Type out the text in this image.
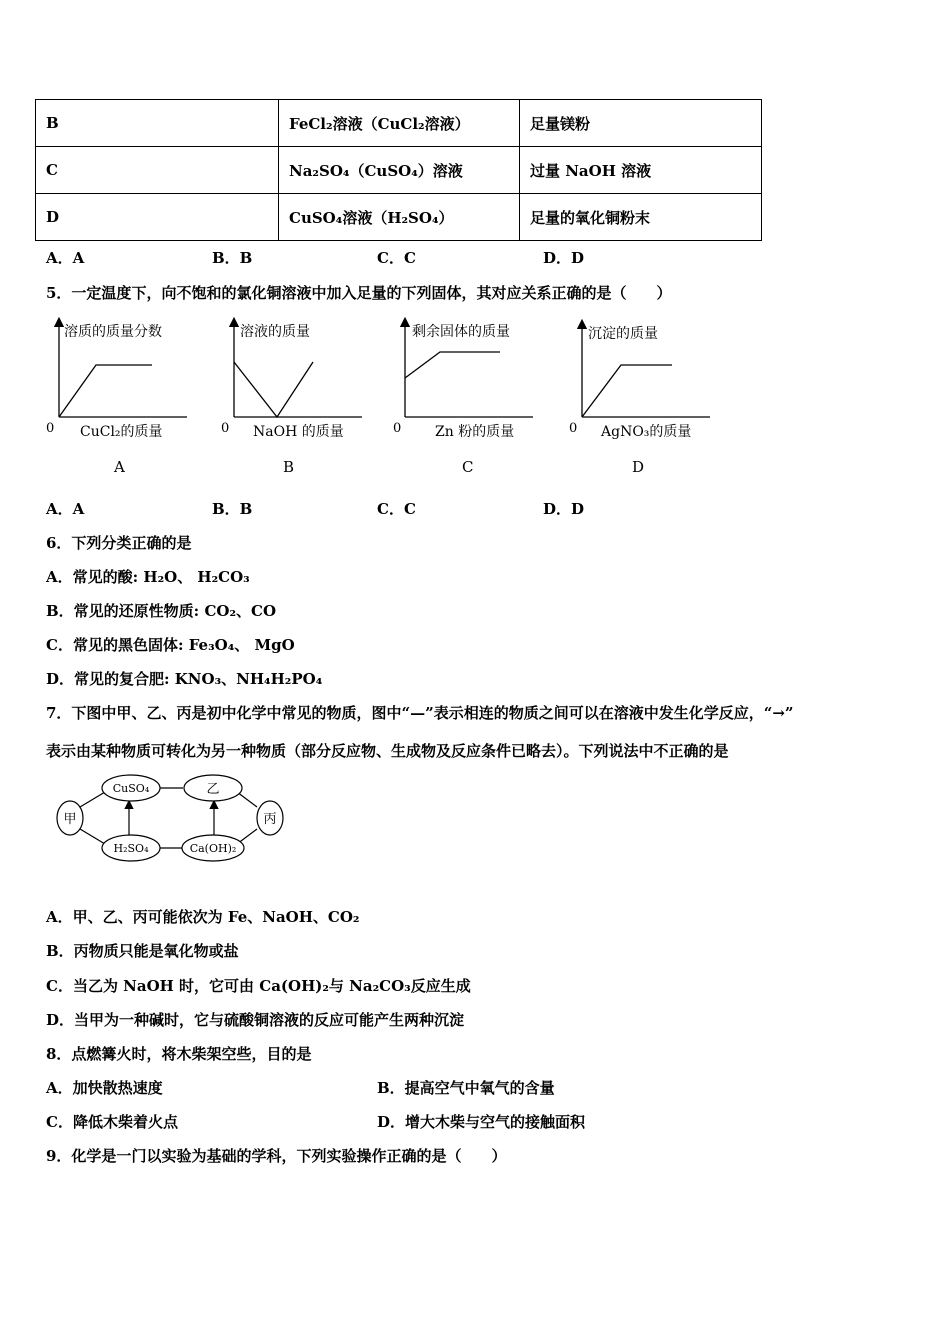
B	FeCl₂溶液（CuCl₂溶液）	足量镁粉
C	Na₂SO₄（CuSO₄）溶液	过量 NaOH 溶液
D	CuSO₄溶液（H₂SO₄）	足量的氧化铜粉末
A．A	B．B	C．C	D．D
5．一定温度下，向不饱和的氯化铜溶液中加入足量的下列固体，其对应关系正确的是（　　）
溶质的质量分数
0 CuCl₂的质量
A
溶液的质量
0 NaOH 的质量
B
剩余固体的质量
0 Zn 粉的质量
C
沉淀的质量
0 AgNO₃的质量
D
A．A	B．B	C．C	D．D
6．下列分类正确的是
A．常见的酸: H₂O、 H₂CO₃
B．常见的还原性物质: CO₂、CO
C．常见的黑色固体: Fe₃O₄、 MgO
D．常见的复合肥: KNO₃、NH₄H₂PO₄
7．下图中甲、乙、丙是初中化学中常见的物质，图中“—”表示相连的物质之间可以在溶液中发生化学反应，“→”
表示由某种物质可转化为另一种物质（部分反应物、生成物及反应条件已略去）。下列说法中不正确的是
甲
CuSO₄	乙
丙
H₂SO₄	Ca(OH)₂
A．甲、乙、丙可能依次为 Fe、NaOH、CO₂
B．丙物质只能是氧化物或盐
C．当乙为 NaOH 时，它可由 Ca(OH)₂与 Na₂CO₃反应生成
D．当甲为一种碱时，它与硫酸铜溶液的反应可能产生两种沉淀
8．点燃篝火时，将木柴架空些，目的是
A．加快散热速度	B．提高空气中氧气的含量
C．降低木柴着火点	D．增大木柴与空气的接触面积
9．化学是一门以实验为基础的学科，下列实验操作正确的是（　　）
